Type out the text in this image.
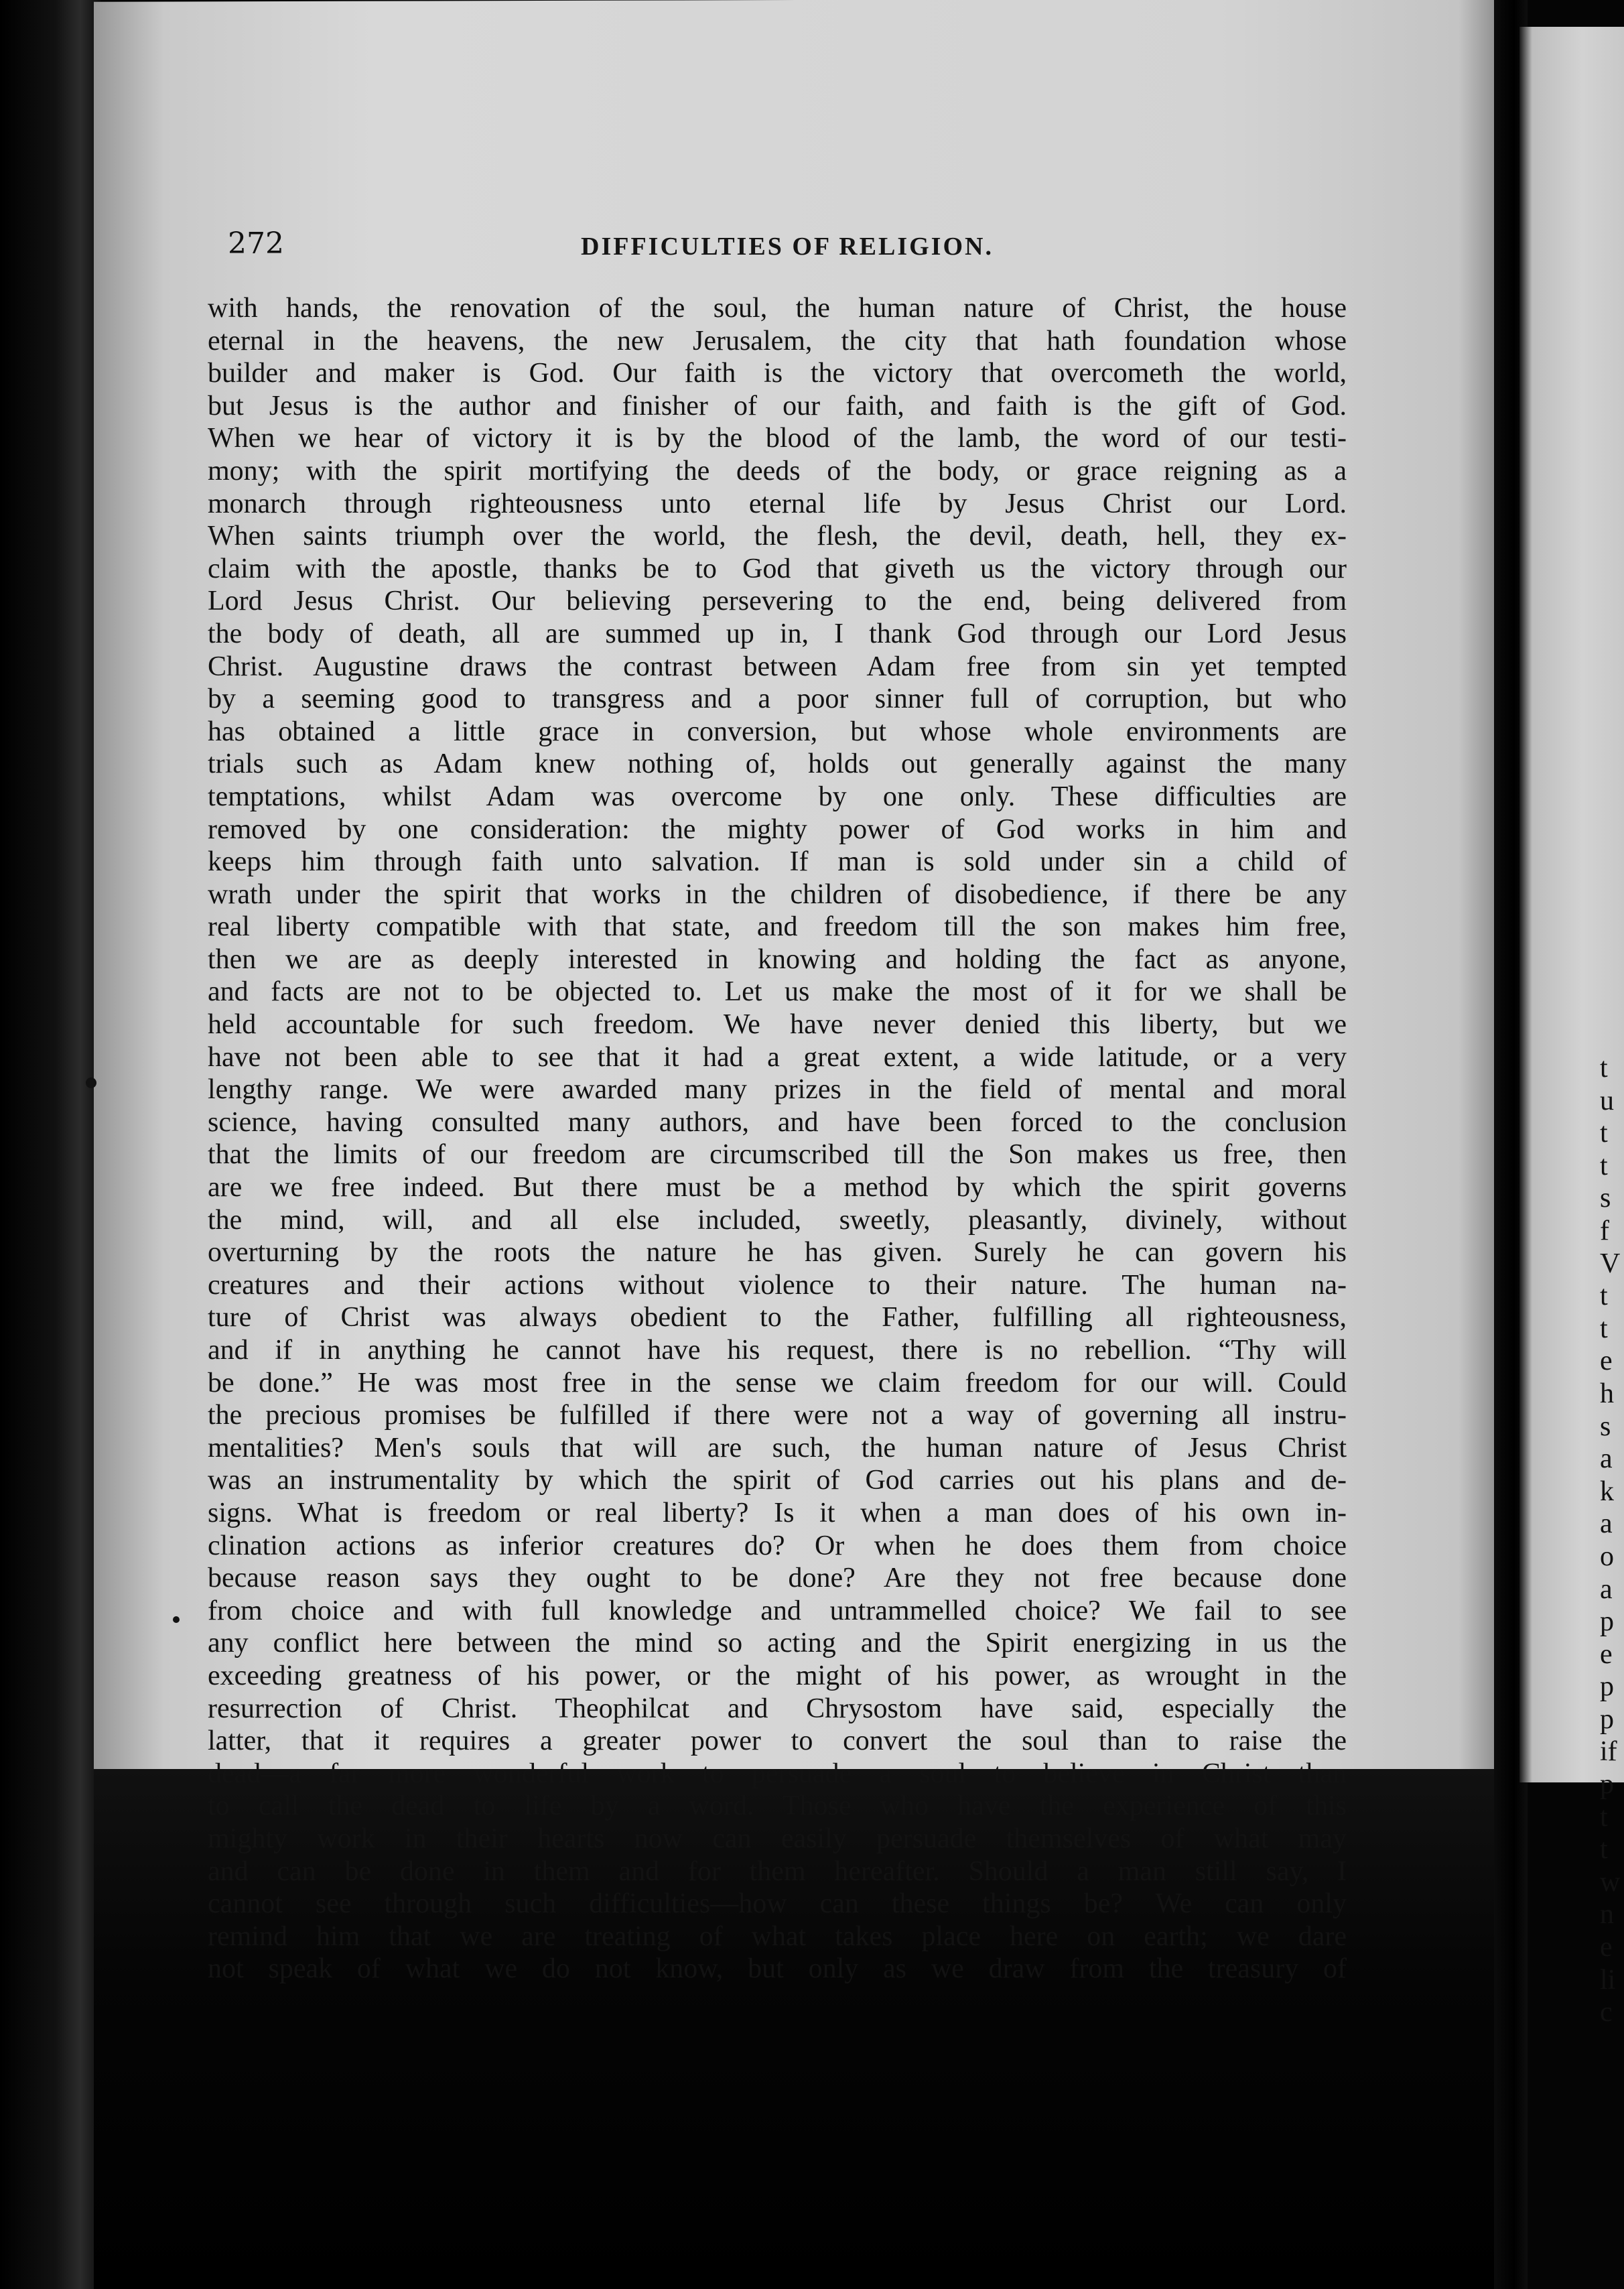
272	DIFFICULTIES OF RELIGION.
with hands, the renovation of the soul, the human nature of Christ, the house
eternal in the heavens, the new Jerusalem, the city that hath foundation whose
builder and maker is God. Our faith is the victory that overcometh the world,
but Jesus is the author and finisher of our faith, and faith is the gift of God.
When we hear of victory it is by the blood of the lamb, the word of our testi-
mony; with the spirit mortifying the deeds of the body, or grace reigning as a
monarch through righteousness unto eternal life by Jesus Christ our Lord.
When saints triumph over the world, the flesh, the devil, death, hell, they ex-
claim with the apostle, thanks be to God that giveth us the victory through our
Lord Jesus Christ. Our believing persevering to the end, being delivered from
the body of death, all are summed up in, I thank God through our Lord Jesus
Christ. Augustine draws the contrast between Adam free from sin yet tempted
by a seeming good to transgress and a poor sinner full of corruption, but who
has obtained a little grace in conversion, but whose whole environments are
trials such as Adam knew nothing of, holds out generally against the many
temptations, whilst Adam was overcome by one only. These difficulties are
removed by one consideration: the mighty power of God works in him and
keeps him through faith unto salvation. If man is sold under sin a child of
wrath under the spirit that works in the children of disobedience, if there be any
real liberty compatible with that state, and freedom till the son makes him free,
then we are as deeply interested in knowing and holding the fact as anyone,
and facts are not to be objected to. Let us make the most of it for we shall be
held accountable for such freedom. We have never denied this liberty, but we
have not been able to see that it had a great extent, a wide latitude, or a very
lengthy range. We were awarded many prizes in the field of mental and moral
science, having consulted many authors, and have been forced to the conclusion
that the limits of our freedom are circumscribed till the Son makes us free, then
are we free indeed. But there must be a method by which the spirit governs
the mind, will, and all else included, sweetly, pleasantly, divinely, without
overturning by the roots the nature he has given. Surely he can govern his
creatures and their actions without violence to their nature. The human na-
ture of Christ was always obedient to the Father, fulfilling all righteousness,
and if in anything he cannot have his request, there is no rebellion. “Thy will
be done.” He was most free in the sense we claim freedom for our will. Could
the precious promises be fulfilled if there were not a way of governing all instru-
mentalities? Men's souls that will are such, the human nature of Jesus Christ
was an instrumentality by which the spirit of God carries out his plans and de-
signs. What is freedom or real liberty? Is it when a man does of his own in-
clination actions as inferior creatures do? Or when he does them from choice
because reason says they ought to be done? Are they not free because done
from choice and with full knowledge and untrammelled choice? We fail to see
any conflict here between the mind so acting and the Spirit energizing in us the
exceeding greatness of his power, or the might of his power, as wrought in the
resurrection of Christ. Theophilcat and Chrysostom have said, especially the
latter, that it requires a greater power to convert the soul than to raise the
dead—a far more wonderful work to persuade a soul to believe in Christ than
to call the dead to life by a word. Those who have the experience of this
mighty work in their hearts now can easily persuade themselves of what may
and can be done in them and for them hereafter. Should a man still say, I
cannot see through such difficulties—how can these things be? We can only
remind him that we are treating of what takes place here on earth; we dare
not speak of what we do not know, but only as we draw from the treasury of
t
u
t
t
s
f
V
t
t
e
h
s
a
k
a
o
a
p
e
p
p
if
p
t
t
w
n
e
li
c
